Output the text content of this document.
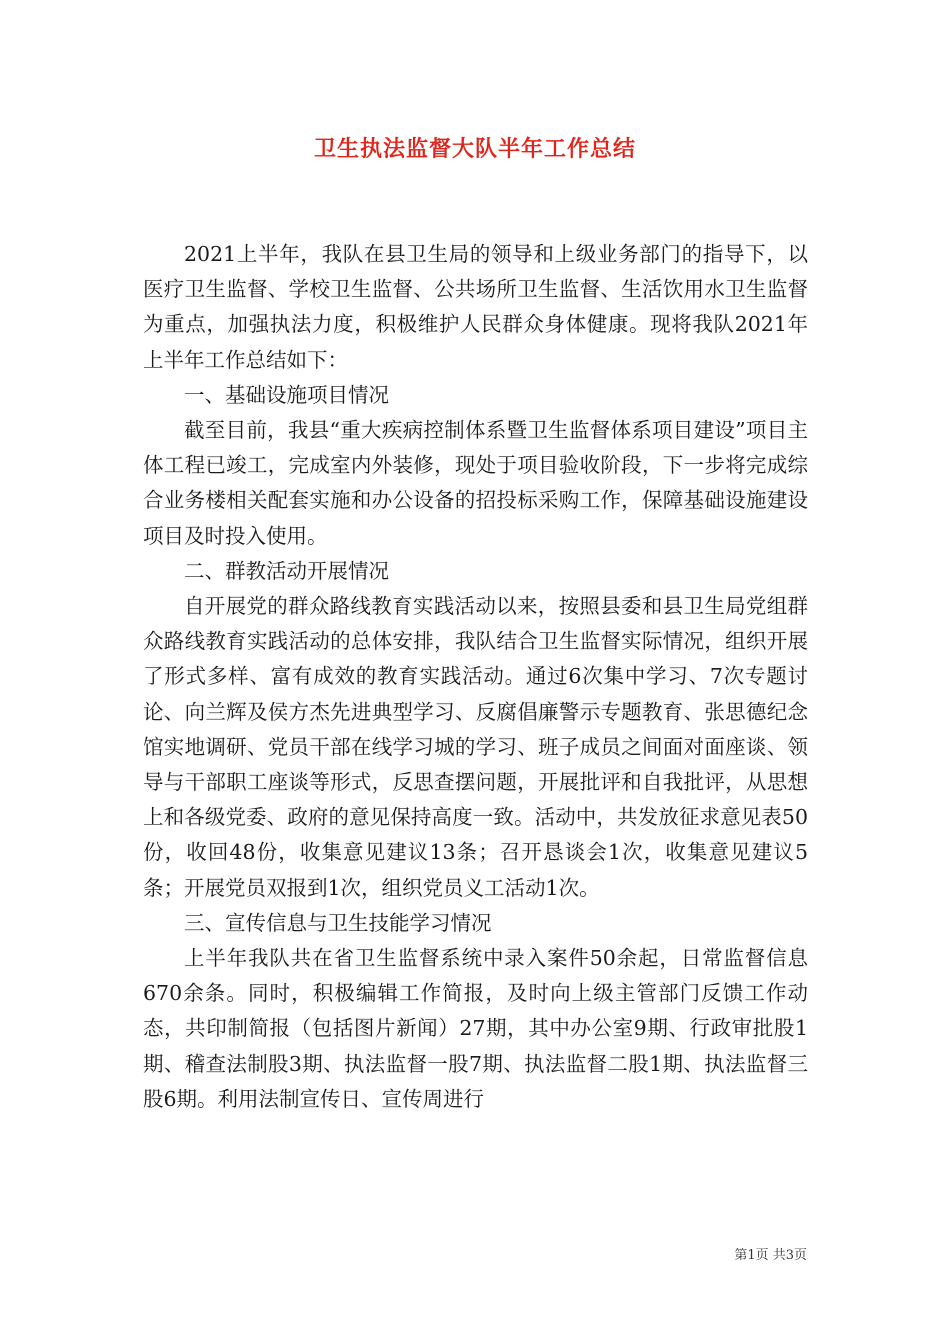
卫生执法监督大队半年工作总结

2021上半年，我队在县卫生局的领导和上级业务部门的指导下，以医疗卫生监督、学校卫生监督、公共场所卫生监督、生活饮用水卫生监督为重点，加强执法力度，积极维护人民群众身体健康。现将我队2021年上半年工作总结如下：

一、基础设施项目情况

截至目前，我县“重大疾病控制体系暨卫生监督体系项目建设”项目主体工程已竣工，完成室内外装修，现处于项目验收阶段，下一步将完成综合业务楼相关配套实施和办公设备的招投标采购工作，保障基础设施建设项目及时投入使用。

二、群教活动开展情况

自开展党的群众路线教育实践活动以来，按照县委和县卫生局党组群众路线教育实践活动的总体安排，我队结合卫生监督实际情况，组织开展了形式多样、富有成效的教育实践活动。通过6次集中学习、7次专题讨论、向兰辉及侯方杰先进典型学习、反腐倡廉警示专题教育、张思德纪念馆实地调研、党员干部在线学习城的学习、班子成员之间面对面座谈、领导与干部职工座谈等形式，反思查摆问题，开展批评和自我批评，从思想上和各级党委、政府的意见保持高度一致。活动中，共发放征求意见表50份，收回48份，收集意见建议13条；召开恳谈会1次，收集意见建议5条；开展党员双报到1次，组织党员义工活动1次。

三、宣传信息与卫生技能学习情况

上半年我队共在省卫生监督系统中录入案件50余起，日常监督信息670余条。同时，积极编辑工作简报，及时向上级主管部门反馈工作动态，共印制简报（包括图片新闻）27期，其中办公室9期、行政审批股1期、稽查法制股3期、执法监督一股7期、执法监督二股1期、执法监督三股6期。利用法制宣传日、宣传周进行

第1页 共3页
